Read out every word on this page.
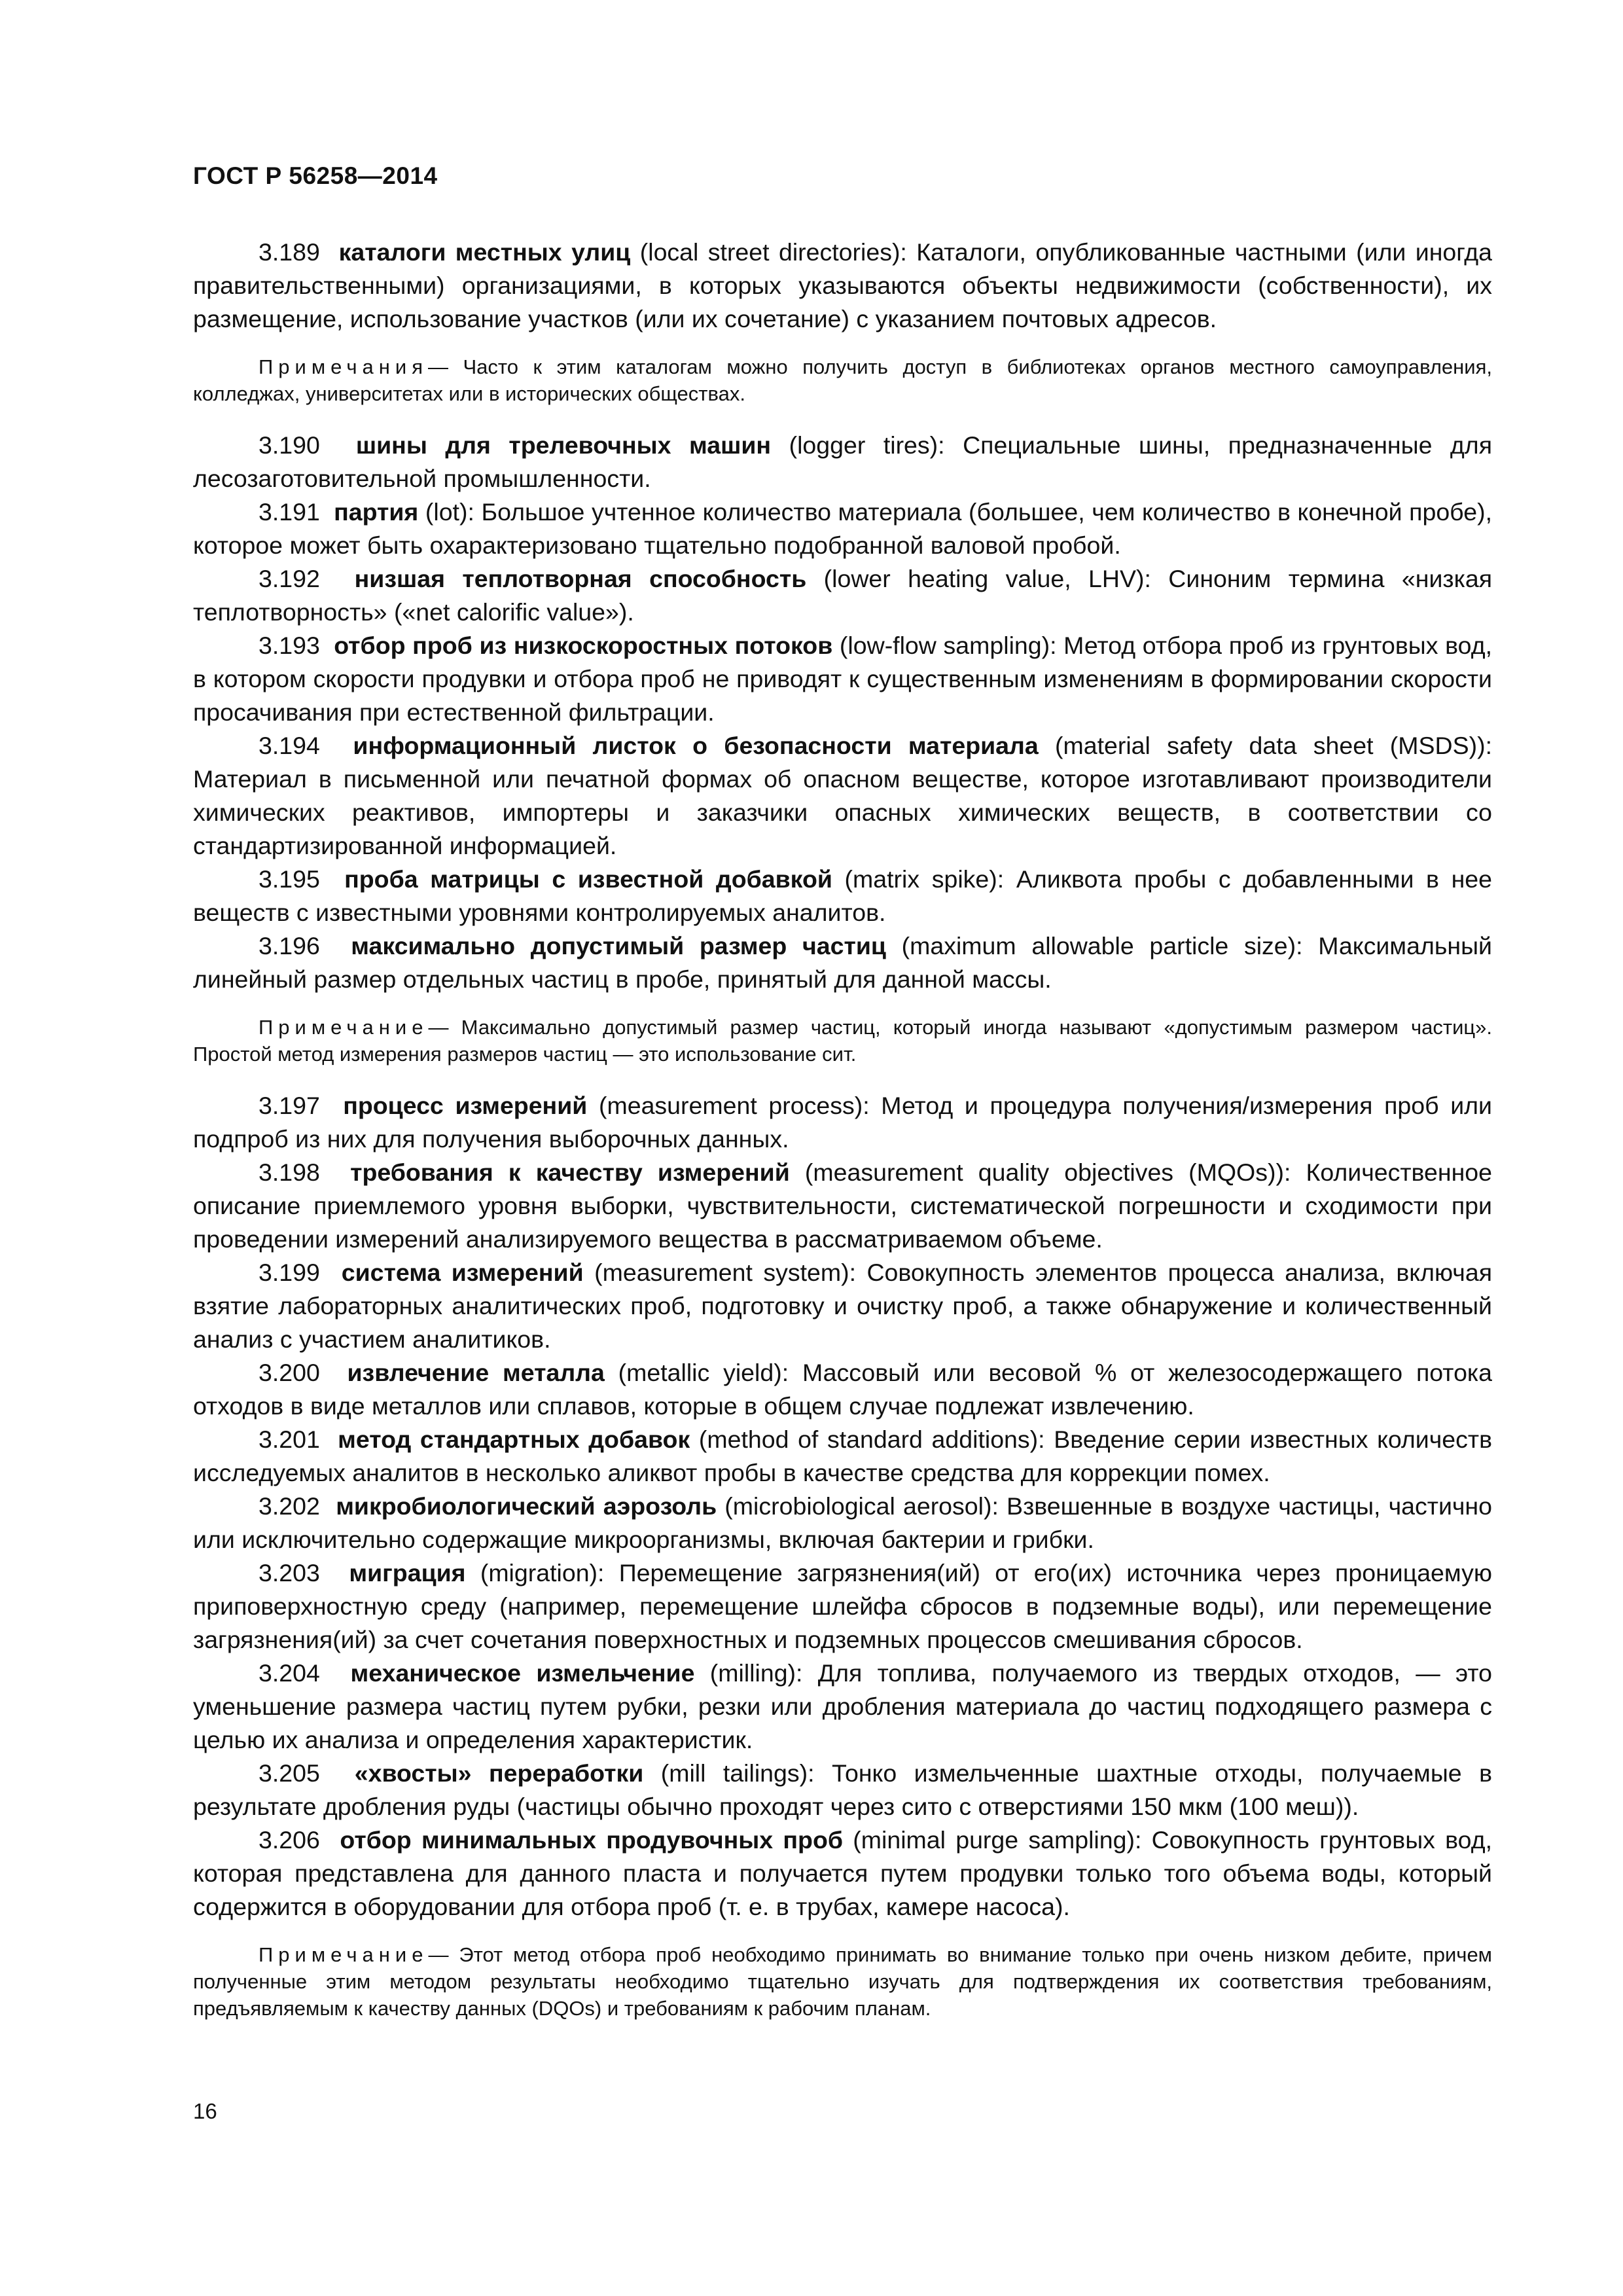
ГОСТ Р 56258—2014

3.189 каталоги местных улиц (local street directories): Каталоги, опубликованные частными (или иногда правительственными) организациями, в которых указываются объекты недвижимости (собственности), их размещение, использование участков (или их сочетание) с указанием почтовых адресов.

Примечания— Часто к этим каталогам можно получить доступ в библиотеках органов местного самоуправления, колледжах, университетах или в исторических обществах.

3.190 шины для трелевочных машин (logger tires): Специальные шины, предназначенные для лесозаготовительной промышленности.

3.191 партия (lot): Большое учтенное количество материала (большее, чем количество в конечной пробе), которое может быть охарактеризовано тщательно подобранной валовой пробой.

3.192 низшая теплотворная способность (lower heating value, LHV): Синоним термина «низкая теплотворность» («net calorific value»).

3.193 отбор проб из низкоскоростных потоков (low-flow sampling): Метод отбора проб из грунтовых вод, в котором скорости продувки и отбора проб не приводят к существенным изменениям в формировании скорости просачивания при естественной фильтрации.

3.194 информационный листок о безопасности материала (material safety data sheet (MSDS)): Материал в письменной или печатной формах об опасном веществе, которое изготавливают производители химических реактивов, импортеры и заказчики опасных химических веществ, в соответствии со стандартизированной информацией.

3.195 проба матрицы с известной добавкой (matrix spike): Аликвота пробы с добавленными в нее веществ с известными уровнями контролируемых аналитов.

3.196 максимально допустимый размер частиц (maximum allowable particle size): Максимальный линейный размер отдельных частиц в пробе, принятый для данной массы.

Примечание— Максимально допустимый размер частиц, который иногда называют «допустимым размером частиц». Простой метод измерения размеров частиц — это использование сит.

3.197 процесс измерений (measurement process): Метод и процедура получения/измерения проб или подпроб из них для получения выборочных данных.

3.198 требования к качеству измерений (measurement quality objectives (MQOs)): Количественное описание приемлемого уровня выборки, чувствительности, систематической погрешности и сходимости при проведении измерений анализируемого вещества в рассматриваемом объеме.

3.199 система измерений (measurement system): Совокупность элементов процесса анализа, включая взятие лабораторных аналитических проб, подготовку и очистку проб, а также обнаружение и количественный анализ с участием аналитиков.

3.200 извлечение металла (metallic yield): Массовый или весовой % от железосодержащего потока отходов в виде металлов или сплавов, которые в общем случае подлежат извлечению.

3.201 метод стандартных добавок (method of standard additions): Введение серии известных количеств исследуемых аналитов в несколько аликвот пробы в качестве средства для коррекции помех.

3.202 микробиологический аэрозоль (microbiological aerosol): Взвешенные в воздухе частицы, частично или исключительно содержащие микроорганизмы, включая бактерии и грибки.

3.203 миграция (migration): Перемещение загрязнения(ий) от его(их) источника через проницаемую приповерхностную среду (например, перемещение шлейфа сбросов в подземные воды), или перемещение загрязнения(ий) за счет сочетания поверхностных и подземных процессов смешивания сбросов.

3.204 механическое измельчение (milling): Для топлива, получаемого из твердых отходов, — это уменьшение размера частиц путем рубки, резки или дробления материала до частиц подходящего размера с целью их анализа и определения характеристик.

3.205 «хвосты» переработки (mill tailings): Тонко измельченные шахтные отходы, получаемые в результате дробления руды (частицы обычно проходят через сито с отверстиями 150 мкм (100 меш)).

3.206 отбор минимальных продувочных проб (minimal purge sampling): Совокупность грунтовых вод, которая представлена для данного пласта и получается путем продувки только того объема воды, который содержится в оборудовании для отбора проб (т. е. в трубах, камере насоса).

Примечание— Этот метод отбора проб необходимо принимать во внимание только при очень низком дебите, причем полученные этим методом результаты необходимо тщательно изучать для подтверждения их соответствия требованиям, предъявляемым к качеству данных (DQOs) и требованиям к рабочим планам.

16
